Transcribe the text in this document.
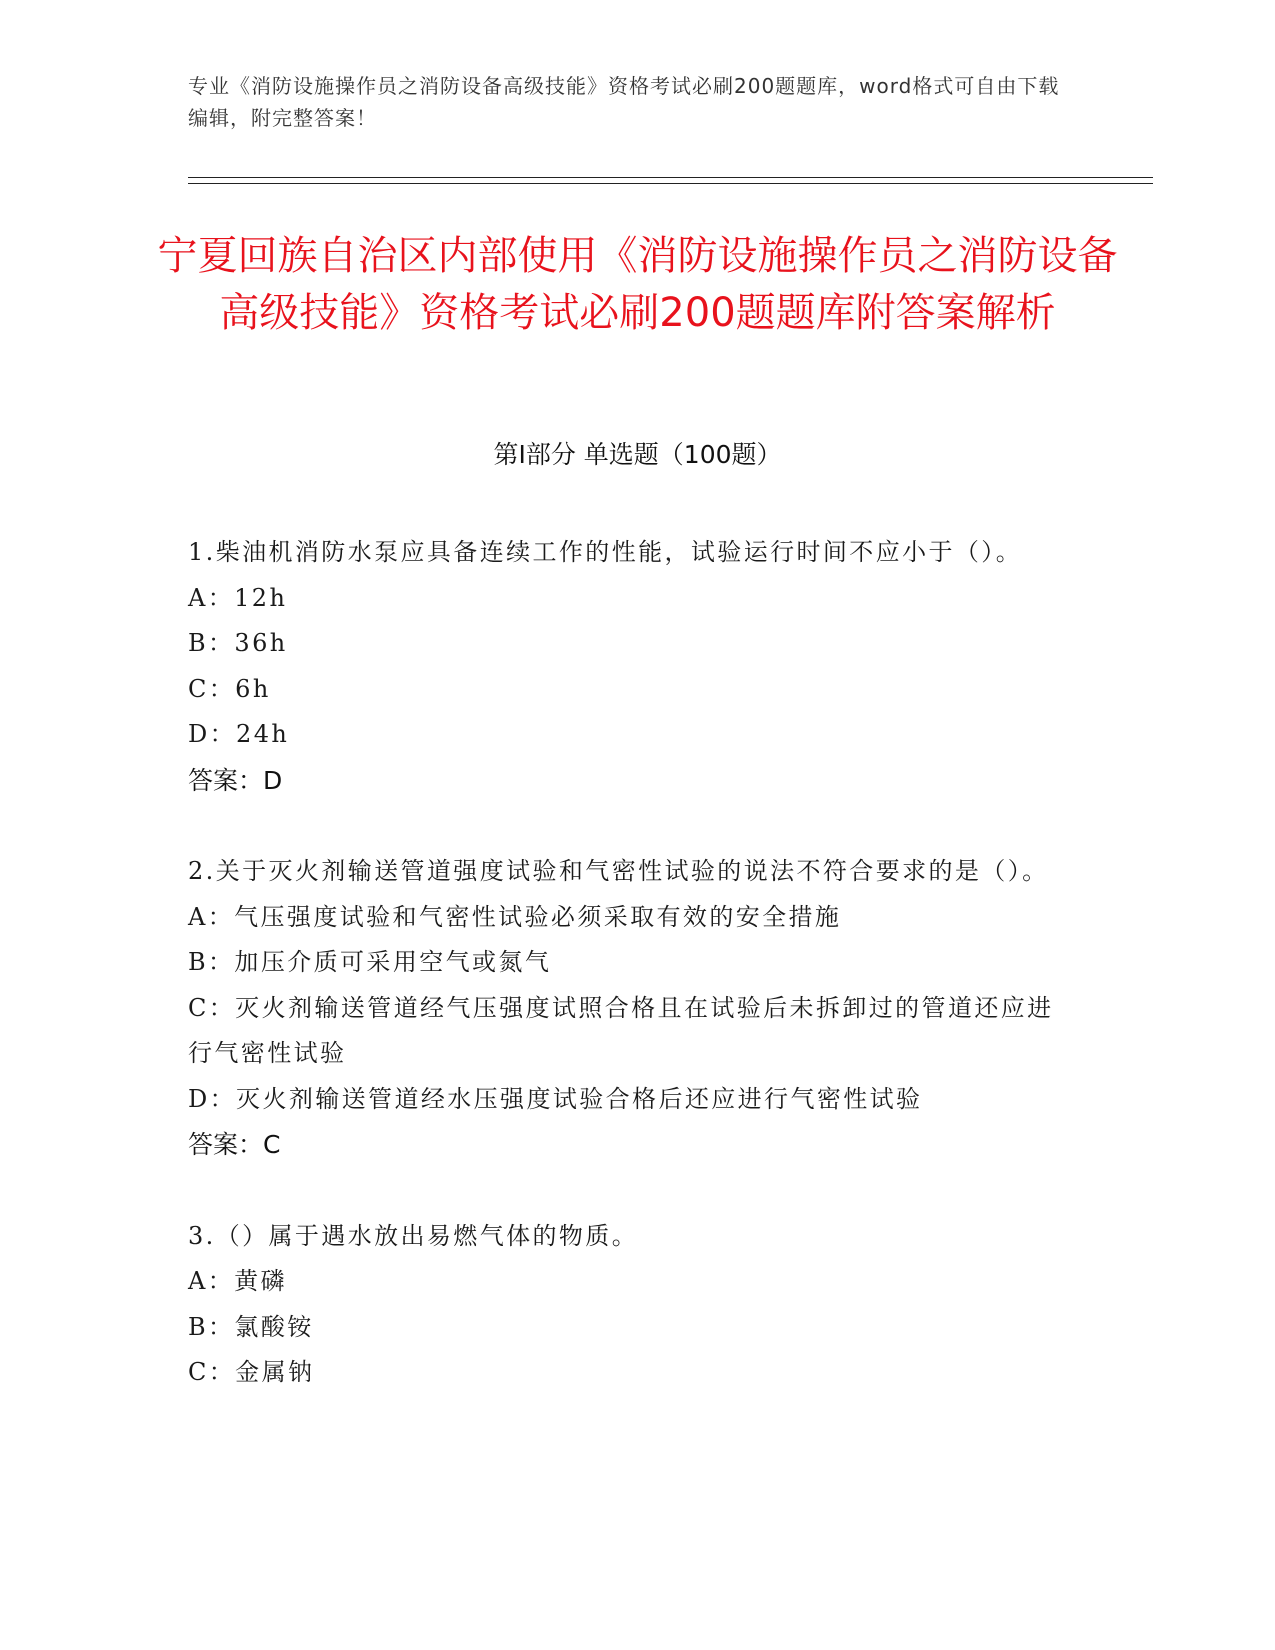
专业《消防设施操作员之消防设备高级技能》资格考试必刷200题题库，word格式可自由下载编辑，附完整答案！
宁夏回族自治区内部使用《消防设施操作员之消防设备高级技能》资格考试必刷200题题库附答案解析
第Ⅰ部分 单选题（100题）
1.柴油机消防水泵应具备连续工作的性能，试验运行时间不应小于（）。
A：12h
B：36h
C：6h
D：24h
答案：D
2.关于灭火剂输送管道强度试验和气密性试验的说法不符合要求的是（）。
A：气压强度试验和气密性试验必须采取有效的安全措施
B：加压介质可采用空气或氮气
C：灭火剂输送管道经气压强度试照合格且在试验后未拆卸过的管道还应进行气密性试验
D：灭火剂输送管道经水压强度试验合格后还应进行气密性试验
答案：C
3.（）属于遇水放出易燃气体的物质。
A：黄磷
B：氯酸铵
C：金属钠
